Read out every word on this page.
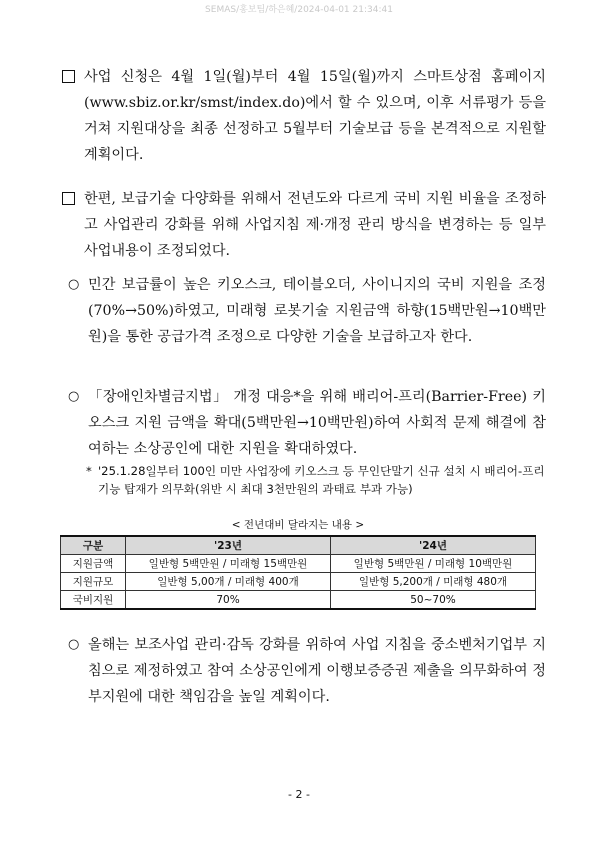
SEMAS/홍보팀/하은혜/2024-04-01 21:34:41
사업 신청은 4월 1일(월)부터 4월 15일(월)까지 스마트상점 홈페이지(www.sbiz.or.kr/smst/index.do)에서 할 수 있으며, 이후 서류평가 등을 거쳐 지원대상을 최종 선정하고 5월부터 기술보급 등을 본격적으로 지원할 계획이다.
한편, 보급기술 다양화를 위해서 전년도와 다르게 국비 지원 비율을 조정하고 사업관리 강화를 위해 사업지침 제·개정 관리 방식을 변경하는 등 일부 사업내용이 조정되었다.
○ 민간 보급률이 높은 키오스크, 테이블오더, 사이니지의 국비 지원을 조정(70%→50%)하였고, 미래형 로봇기술 지원금액 하향(15백만원→10백만원)을 통한 공급가격 조정으로 다양한 기술을 보급하고자 한다.
○ 「장애인차별금지법」 개정 대응*을 위해 배리어-프리(Barrier-Free) 키오스크 지원 금액을 확대(5백만원→10백만원)하여 사회적 문제 해결에 참여하는 소상공인에 대한 지원을 확대하였다.
* '25.1.28일부터 100인 미만 사업장에 키오스크 등 무인단말기 신규 설치 시 배리어-프리 기능 탑재가 의무화(위반 시 최대 3천만원의 과태료 부과 가능)
< 전년대비 달라지는 내용 >
구분	'23년	'24년
지원금액	일반형 5백만원 / 미래형 15백만원	일반형 5백만원 / 미래형 10백만원
지원규모	일반형 5,00개 / 미래형 400개	일반형 5,200개 / 미래형 480개
국비지원	70%	50~70%
○ 올해는 보조사업 관리·감독 강화를 위하여 사업 지침을 중소벤처기업부 지침으로 제정하였고 참여 소상공인에게 이행보증증권 제출을 의무화하여 정부지원에 대한 책임감을 높일 계획이다.
- 2 -
